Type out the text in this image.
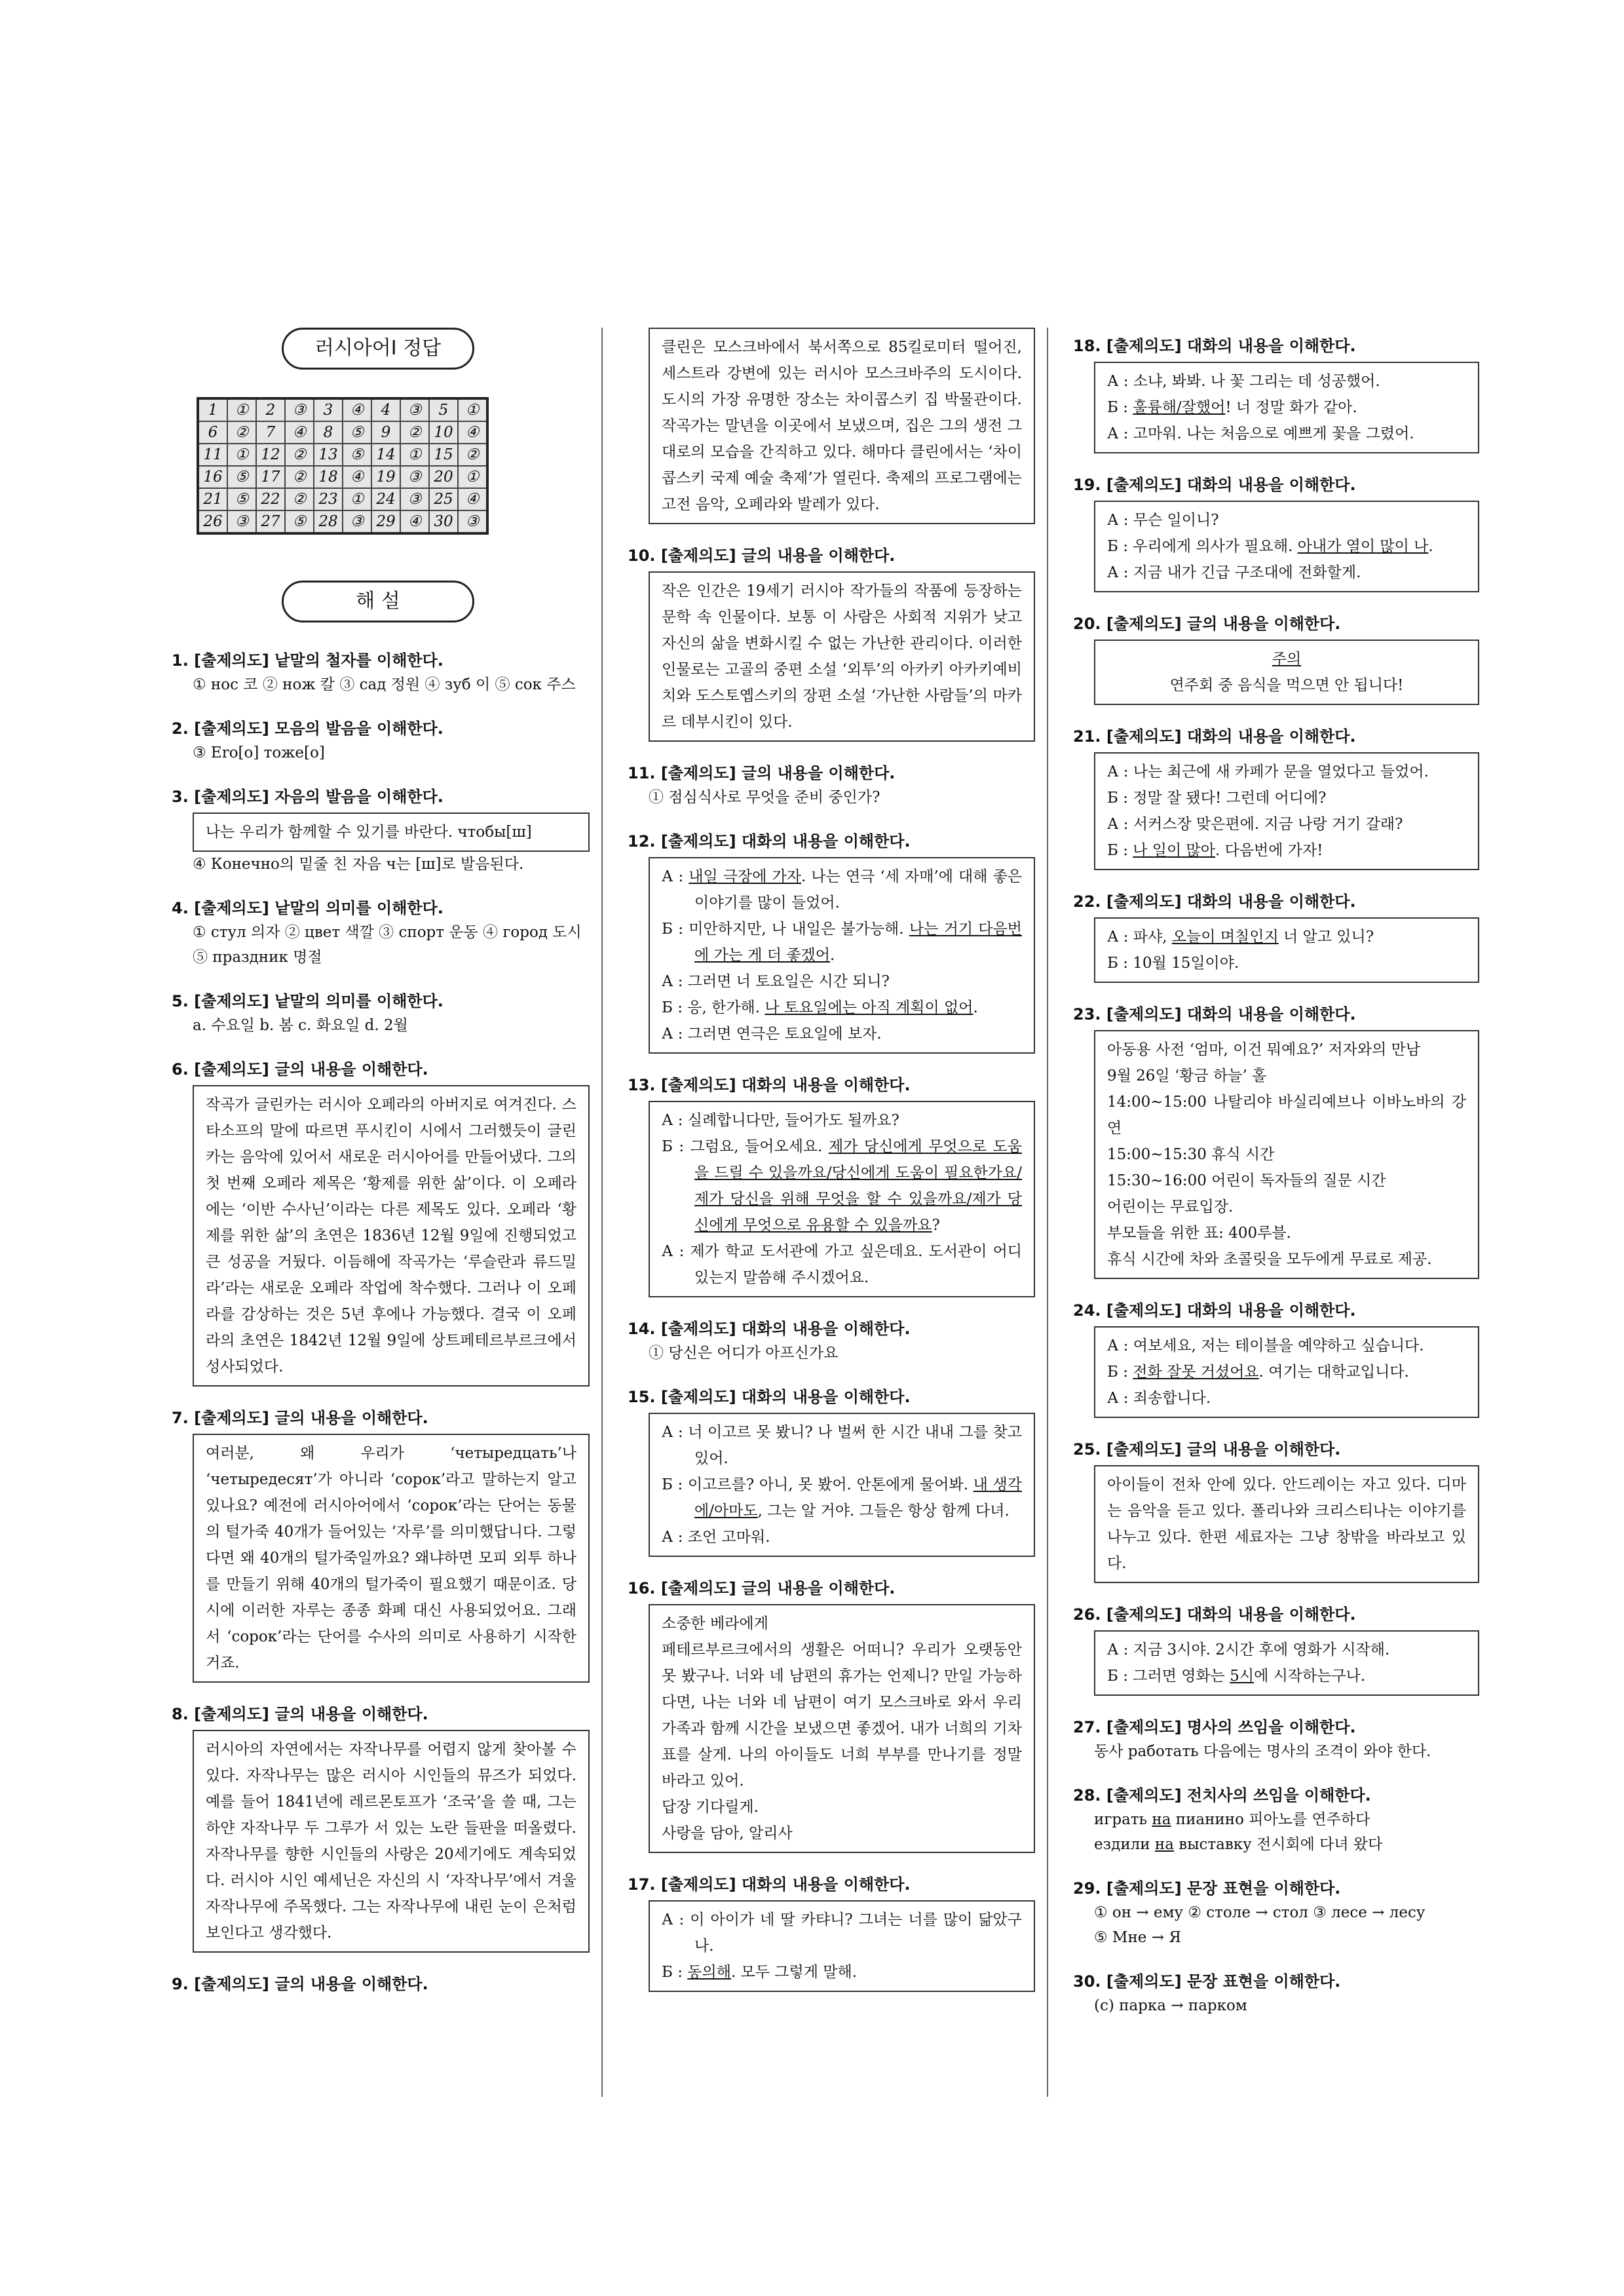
러시아어Ⅰ 정답
1	①	2	③	3	④	4	③	5	①
6	②	7	④	8	⑤	9	②	10	④
11	①	12	②	13	⑤	14	①	15	②
16	⑤	17	②	18	④	19	③	20	①
21	⑤	22	②	23	①	24	③	25	④
26	③	27	⑤	28	③	29	④	30	③
해 설
1. [출제의도] 낱말의 철자를 이해한다.
① нос 코 ② нож 칼 ③ сад 정원 ④ зуб 이 ⑤ сок 주스
2. [출제의도] 모음의 발음을 이해한다.
③ Ero[o] тоже[o]
3. [출제의도] 자음의 발음을 이해한다.
나는 우리가 함께할 수 있기를 바란다. чтобы[ш]
④ Конечно의 밑줄 친 자음 ч는 [ш]로 발음된다.
4. [출제의도] 낱말의 의미를 이해한다.
① стул 의자 ② цвет 색깔 ③ спорт 운동 ④ город 도시 ⑤ праздник 명절
5. [출제의도] 낱말의 의미를 이해한다.
a. 수요일 b. 봄 c. 화요일 d. 2월
6. [출제의도] 글의 내용을 이해한다.
작곡가 글린카는 러시아 오페라의 아버지로 여겨진다. 스타소프의 말에 따르면 푸시킨이 시에서 그러했듯이 글린카는 음악에 있어서 새로운 러시아어를 만들어냈다. 그의 첫 번째 오페라 제목은 ‘황제를 위한 삶’이다. 이 오페라에는 ‘이반 수사닌’이라는 다른 제목도 있다. 오페라 ‘황제를 위한 삶’의 초연은 1836년 12월 9일에 진행되었고 큰 성공을 거뒀다. 이듬해에 작곡가는 ‘루슬란과 류드밀라’라는 새로운 오페라 작업에 착수했다. 그러나 이 오페라를 감상하는 것은 5년 후에나 가능했다. 결국 이 오페라의 초연은 1842년 12월 9일에 상트페테르부르크에서 성사되었다.
7. [출제의도] 글의 내용을 이해한다.
여러분, 왜 우리가 ‘четыредцать’나 ‘четыредесят’가 아니라 ‘сорок’라고 말하는지 알고 있나요? 예전에 러시아어에서 ‘сорок’라는 단어는 동물의 털가죽 40개가 들어있는 ‘자루’를 의미했답니다. 그렇다면 왜 40개의 털가죽일까요? 왜냐하면 모피 외투 하나를 만들기 위해 40개의 털가죽이 필요했기 때문이죠. 당시에 이러한 자루는 종종 화폐 대신 사용되었어요. 그래서 ‘сорок’라는 단어를 수사의 의미로 사용하기 시작한 거죠.
8. [출제의도] 글의 내용을 이해한다.
러시아의 자연에서는 자작나무를 어렵지 않게 찾아볼 수 있다. 자작나무는 많은 러시아 시인들의 뮤즈가 되었다. 예를 들어 1841년에 레르몬토프가 ‘조국’을 쓸 때, 그는 하얀 자작나무 두 그루가 서 있는 노란 들판을 떠올렸다. 자작나무를 향한 시인들의 사랑은 20세기에도 계속되었다. 러시아 시인 예세닌은 자신의 시 ‘자작나무’에서 겨울 자작나무에 주목했다. 그는 자작나무에 내린 눈이 은처럼 보인다고 생각했다.
9. [출제의도] 글의 내용을 이해한다.
클린은 모스크바에서 북서쪽으로 85킬로미터 떨어진, 세스트라 강변에 있는 러시아 모스크바주의 도시이다. 도시의 가장 유명한 장소는 차이콥스키 집 박물관이다. 작곡가는 말년을 이곳에서 보냈으며, 집은 그의 생전 그대로의 모습을 간직하고 있다. 해마다 클린에서는 ‘차이콥스키 국제 예술 축제’가 열린다. 축제의 프로그램에는 고전 음악, 오페라와 발레가 있다.
10. [출제의도] 글의 내용을 이해한다.
작은 인간은 19세기 러시아 작가들의 작품에 등장하는 문학 속 인물이다. 보통 이 사람은 사회적 지위가 낮고 자신의 삶을 변화시킬 수 없는 가난한 관리이다. 이러한 인물로는 고골의 중편 소설 ‘외투’의 아카키 아카키예비치와 도스토옙스키의 장편 소설 ‘가난한 사람들’의 마카르 데부시킨이 있다.
11. [출제의도] 글의 내용을 이해한다.
① 점심식사로 무엇을 준비 중인가?
12. [출제의도] 대화의 내용을 이해한다.
А : 내일 극장에 가자. 나는 연극 ‘세 자매’에 대해 좋은 이야기를 많이 들었어.
Б : 미안하지만, 나 내일은 불가능해. 나는 거기 다음번에 가는 게 더 좋겠어.
А : 그러면 너 토요일은 시간 되니?
Б : 응, 한가해. 나 토요일에는 아직 계획이 없어.
А : 그러면 연극은 토요일에 보자.
13. [출제의도] 대화의 내용을 이해한다.
А : 실례합니다만, 들어가도 될까요?
Б : 그럼요, 들어오세요. 제가 당신에게 무엇으로 도움을 드릴 수 있을까요/당신에게 도움이 필요한가요/제가 당신을 위해 무엇을 할 수 있을까요/제가 당신에게 무엇으로 유용할 수 있을까요?
А : 제가 학교 도서관에 가고 싶은데요. 도서관이 어디 있는지 말씀해 주시겠어요.
14. [출제의도] 대화의 내용을 이해한다.
① 당신은 어디가 아프신가요
15. [출제의도] 대화의 내용을 이해한다.
А : 너 이고르 못 봤니? 나 벌써 한 시간 내내 그를 찾고 있어.
Б : 이고르를? 아니, 못 봤어. 안톤에게 물어봐. 내 생각에/아마도, 그는 알 거야. 그들은 항상 함께 다녀.
А : 조언 고마워.
16. [출제의도] 글의 내용을 이해한다.
소중한 베라에게
페테르부르크에서의 생활은 어떠니? 우리가 오랫동안 못 봤구나. 너와 네 남편의 휴가는 언제니? 만일 가능하다면, 나는 너와 네 남편이 여기 모스크바로 와서 우리 가족과 함께 시간을 보냈으면 좋겠어. 내가 너희의 기차표를 살게. 나의 아이들도 너희 부부를 만나기를 정말 바라고 있어.
답장 기다릴게.
사랑을 담아, 알리사
17. [출제의도] 대화의 내용을 이해한다.
А : 이 아이가 네 딸 카탸니? 그녀는 너를 많이 닮았구나.
Б : 동의해. 모두 그렇게 말해.
18. [출제의도] 대화의 내용을 이해한다.
А : 소냐, 봐봐. 나 꽃 그리는 데 성공했어.
Б : 훌륭해/잘했어! 너 정말 화가 같아.
А : 고마워. 나는 처음으로 예쁘게 꽃을 그렸어.
19. [출제의도] 대화의 내용을 이해한다.
А : 무슨 일이니?
Б : 우리에게 의사가 필요해. 아내가 열이 많이 나.
А : 지금 내가 긴급 구조대에 전화할게.
20. [출제의도] 글의 내용을 이해한다.
주의
연주회 중 음식을 먹으면 안 됩니다!
21. [출제의도] 대화의 내용을 이해한다.
А : 나는 최근에 새 카페가 문을 열었다고 들었어.
Б : 정말 잘 됐다! 그런데 어디에?
А : 서커스장 맞은편에. 지금 나랑 거기 갈래?
Б : 나 일이 많아. 다음번에 가자!
22. [출제의도] 대화의 내용을 이해한다.
А : 파샤, 오늘이 며칠인지 너 알고 있니?
Б : 10월 15일이야.
23. [출제의도] 대화의 내용을 이해한다.
아동용 사전 ‘엄마, 이건 뭐예요?’ 저자와의 만남
9월 26일 ‘황금 하늘’ 홀
14:00∼15:00 나탈리야 바실리예브나 이바노바의 강연
15:00∼15:30 휴식 시간
15:30∼16:00 어린이 독자들의 질문 시간
어린이는 무료입장.
부모들을 위한 표: 400루블.
휴식 시간에 차와 초콜릿을 모두에게 무료로 제공.
24. [출제의도] 대화의 내용을 이해한다.
А : 여보세요, 저는 테이블을 예약하고 싶습니다.
Б : 전화 잘못 거셨어요. 여기는 대학교입니다.
А : 죄송합니다.
25. [출제의도] 글의 내용을 이해한다.
아이들이 전차 안에 있다. 안드레이는 자고 있다. 디마는 음악을 듣고 있다. 폴리나와 크리스티나는 이야기를 나누고 있다. 한편 세료자는 그냥 창밖을 바라보고 있다.
26. [출제의도] 대화의 내용을 이해한다.
А : 지금 3시야. 2시간 후에 영화가 시작해.
Б : 그러면 영화는 5시에 시작하는구나.
27. [출제의도] 명사의 쓰임을 이해한다.
동사 работать 다음에는 명사의 조격이 와야 한다.
28. [출제의도] 전치사의 쓰임을 이해한다.
играть на пианино 피아노를 연주하다
ездили на выставку 전시회에 다녀 왔다
29. [출제의도] 문장 표현을 이해한다.
① он → ему ② столе → стол ③ лесе → лесу
⑤ Мне → Я
30. [출제의도] 문장 표현을 이해한다.
(c) парка → парком
